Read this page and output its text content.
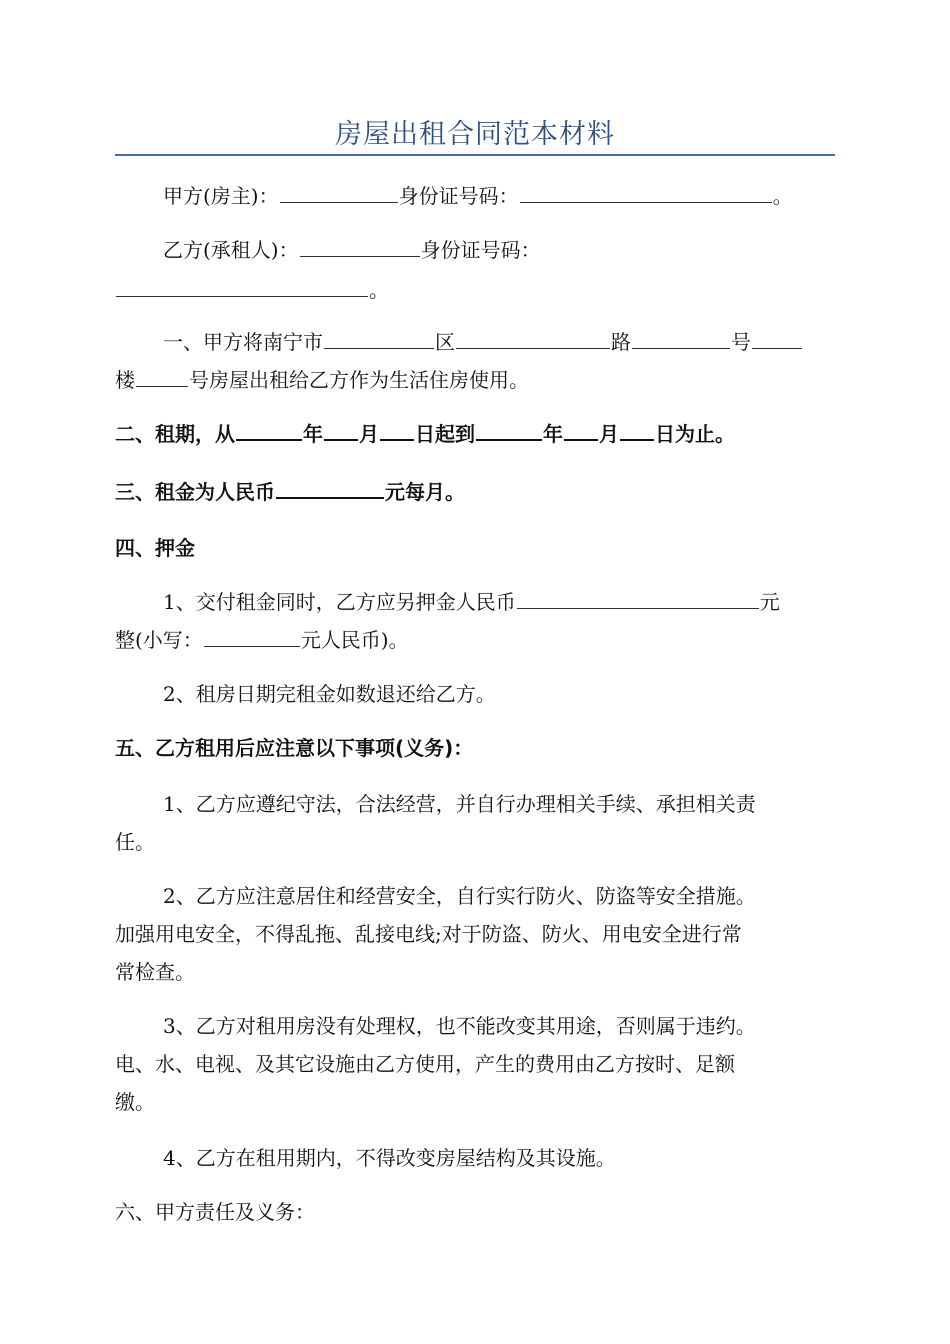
房屋出租合同范本材料
甲方(房主)：	身份证号码：	。
乙方(承租人)：	身份证号码：
。
一、甲方将南宁市	区	路	号
楼	号房屋出租给乙方作为生活住房使用。
二、租期，从	年 月 日起到	年 月 日为止。
三、租金为人民币	元每月。
四、押金
1、交付租金同时，乙方应另押金人民币	元
整(小写：	元人民币)。
2、租房日期完租金如数退还给乙方。
五、乙方租用后应注意以下事项(义务)：
1、乙方应遵纪守法，合法经营，并自行办理相关手续、承担相关责
任。
2、乙方应注意居住和经营安全，自行实行防火、防盗等安全措施。
加强用电安全，不得乱拖、乱接电线;对于防盗、防火、用电安全进行常
常检查。
3、乙方对租用房没有处理权，也不能改变其用途，否则属于违约。
电、水、电视、及其它设施由乙方使用，产生的费用由乙方按时、足额
缴。
4、乙方在租用期内，不得改变房屋结构及其设施。
六、甲方责任及义务：
